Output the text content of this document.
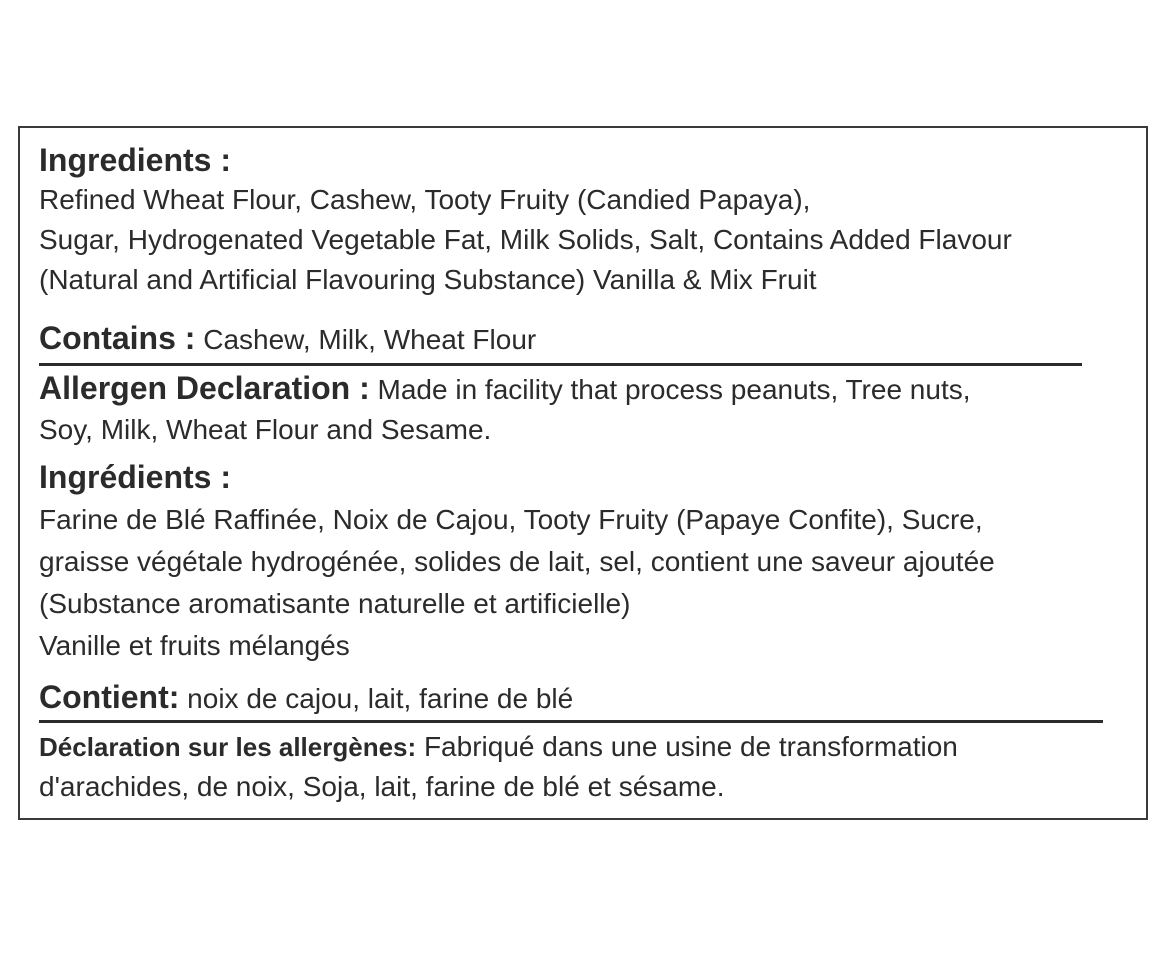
Ingredients :
Refined Wheat Flour, Cashew, Tooty Fruity (Candied Papaya),
Sugar, Hydrogenated Vegetable Fat, Milk Solids, Salt, Contains Added Flavour
(Natural and Artificial Flavouring Substance) Vanilla & Mix Fruit
Contains : Cashew, Milk, Wheat Flour
Allergen Declaration : Made in facility that process peanuts, Tree nuts,
Soy, Milk, Wheat Flour and Sesame.
Ingrédients :
Farine de Blé Raffinée, Noix de Cajou, Tooty Fruity (Papaye Confite), Sucre,
graisse végétale hydrogénée, solides de lait, sel, contient une saveur ajoutée
(Substance aromatisante naturelle et artificielle)
Vanille et fruits mélangés
Contient: noix de cajou, lait, farine de blé
Déclaration sur les allergènes: Fabriqué dans une usine de transformation
d'arachides, de noix, Soja, lait, farine de blé et sésame.
